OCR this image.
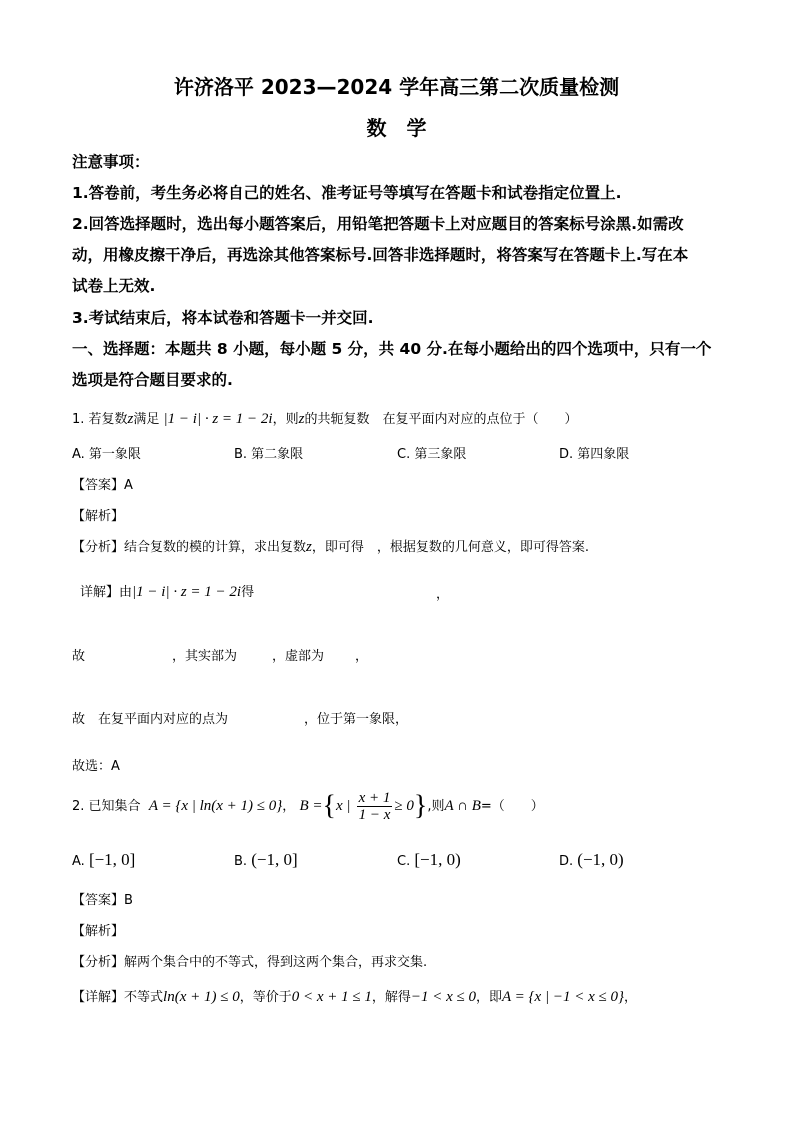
许济洛平 2023—2024 学年高三第二次质量检测
数　学
注意事项：
1.答卷前，考生务必将自己的姓名、准考证号等填写在答题卡和试卷指定位置上.
2.回答选择题时，选出每小题答案后，用铅笔把答题卡上对应题目的答案标号涂黑.如需改
动，用橡皮擦干净后，再选涂其他答案标号.回答非选择题时，将答案写在答题卡上.写在本
试卷上无效.
3.考试结束后，将本试卷和答题卡一并交回.
一、选择题：本题共 8 小题，每小题 5 分，共 40 分.在每小题给出的四个选项中，只有一个
选项是符合题目要求的.
1. 若复数z满足 |1 − i| · z = 1 − 2i，则z的共轭复数　在复平面内对应的点位于（　　）
A. 第一象限	B. 第二象限	C. 第三象限	D. 第四象限
【答案】A
【解析】
【分析】结合复数的模的计算，求出复数z，即可得　，根据复数的几何意义，即可得答案.
详解】由|1 − i| · z = 1 − 2i得	，
故	，其实部为	，虚部为 ，
故　在复平面内对应的点为	，位于第一象限，
故选：A
2. 已知集合 A = {x | ln(x + 1) ≤ 0}， B ={x | $\frac{x + 1}{1 - x} \ge 0$},则A ∩ B=（　　）
A. [−1, 0]	B. (−1, 0]	C. [−1, 0)	D. (−1, 0)
【答案】B
【解析】
【分析】解两个集合中的不等式，得到这两个集合，再求交集.
【详解】不等式ln(x + 1) ≤ 0，等价于0 < x + 1 ≤ 1，解得−1 < x ≤ 0，即A = {x | −1 < x ≤ 0}，
